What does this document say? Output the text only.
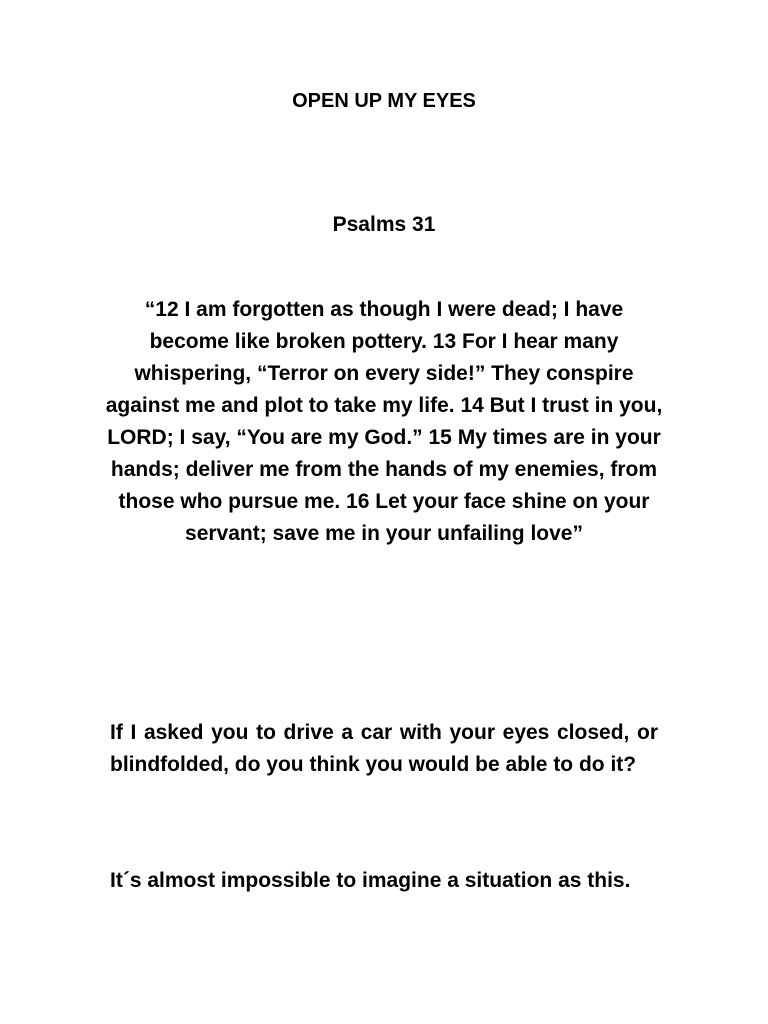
OPEN UP MY EYES
Psalms 31
“12 I am forgotten as though I were dead; I have become like broken pottery. 13 For I hear many whispering, “Terror on every side!” They conspire against me and plot to take my life. 14 But I trust in you, LORD; I say, “You are my God.” 15 My times are in your hands; deliver me from the hands of my enemies, from those who pursue me. 16 Let your face shine on your servant; save me in your unfailing love”
If I asked you to drive a car with your eyes closed, or blindfolded, do you think you would be able to do it?
It´s almost impossible to imagine a situation as this.
